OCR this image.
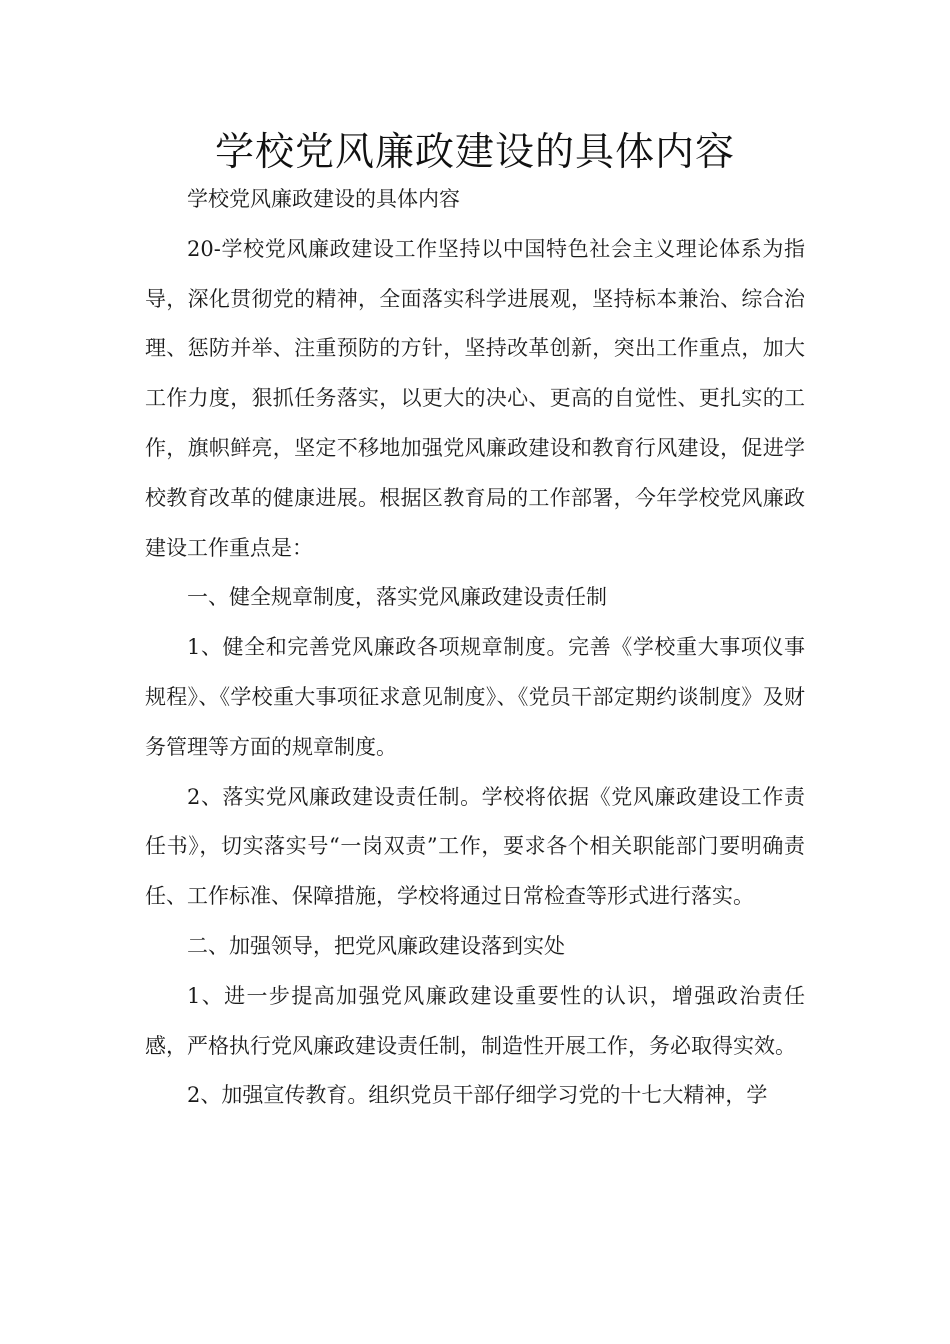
学校党风廉政建设的具体内容

学校党风廉政建设的具体内容

20-学校党风廉政建设工作坚持以中国特色社会主义理论体系为指导，深化贯彻党的精神，全面落实科学进展观，坚持标本兼治、综合治理、惩防并举、注重预防的方针，坚持改革创新，突出工作重点，加大工作力度，狠抓任务落实，以更大的决心、更高的自觉性、更扎实的工作，旗帜鲜亮，坚定不移地加强党风廉政建设和教育行风建设，促进学校教育改革的健康进展。根据区教育局的工作部署，今年学校党风廉政建设工作重点是：

一、健全规章制度，落实党风廉政建设责任制

1、健全和完善党风廉政各项规章制度。完善《学校重大事项仪事规程》、《学校重大事项征求意见制度》、《党员干部定期约谈制度》及财务管理等方面的规章制度。

2、落实党风廉政建设责任制。学校将依据《党风廉政建设工作责任书》，切实落实号“一岗双责”工作，要求各个相关职能部门要明确责任、工作标准、保障措施，学校将通过日常检查等形式进行落实。

二、加强领导，把党风廉政建设落到实处

1、进一步提高加强党风廉政建设重要性的认识，增强政治责任感，严格执行党风廉政建设责任制，制造性开展工作，务必取得实效。

2、加强宣传教育。组织党员干部仔细学习党的十七大精神，学
